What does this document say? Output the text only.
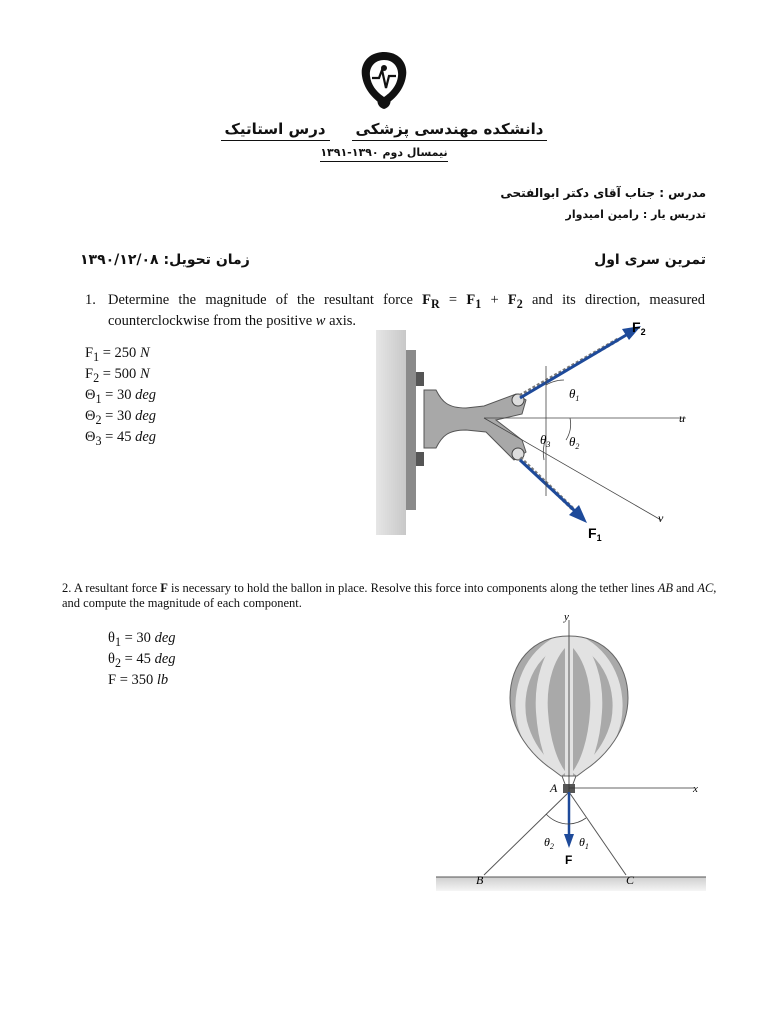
دانشکده مهندسی پزشکیدرس استاتیک
نیمسال دوم ۱۳۹۰-۱۳۹۱
مدرس : جناب آقای دکتر ابوالفتحی
تدریس یار : رامین امیدوار
تمرین سری اول
زمان تحویل: ۱۳۹۰/۱۲/۰۸
1. Determine the magnitude of the resultant force $F_R = F_1 + F_2$ and its direction, measured counterclockwise from the positive w axis.
$F_1 = 250$ N
$F_2 = 500$ N
$\Theta_1 = 30$ deg
$\Theta_2 = 30$ deg
$\Theta_3 = 45$ deg
$F_2$
$F_1$
$\theta_1$
$\theta_2$
$\theta_3$
u
v
2. A resultant force F is necessary to hold the ballon in place. Resolve this force into components along the tether lines AB and AC, and compute the magnitude of each component.
$\theta_1 = 30$ deg
$\theta_2 = 45$ deg
F = 350 lb
y
x
A
B	C
F
$\theta_2$ $\theta_1$
